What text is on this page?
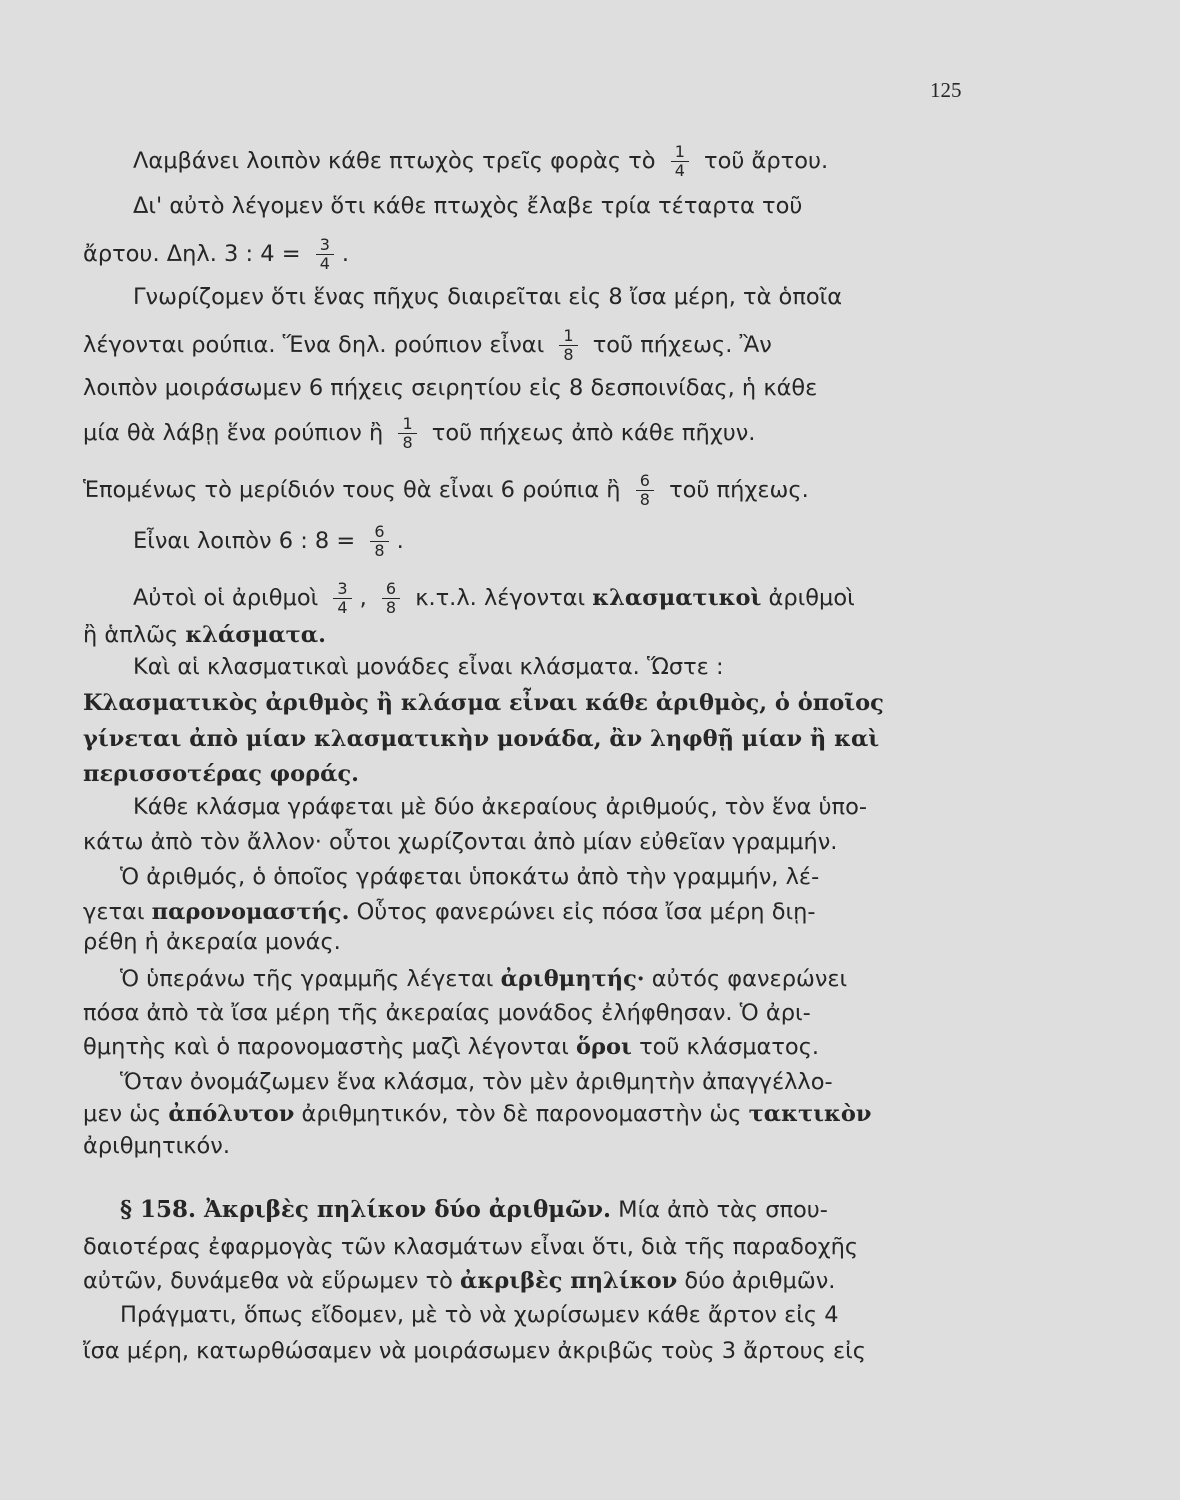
125
Λαμβάνει λοιπὸν κάθε πτωχὸς τρεῖς φορὰς τὸ $\frac{1}{4}$ τοῦ ἄρτου.
Δι' αὐτὸ λέγομεν ὅτι κάθε πτωχὸς ἔλαβε τρία τέταρτα τοῦ
ἄρτου. Δηλ. 3 : $4 = \frac{3}{4}$ .
Γνωρίζομεν ὅτι ἕνας πῆχυς διαιρεῖται εἰς 8 ἴσα μέρη, τὰ ὁποῖα
λέγονται ρούπια. Ἕνα δηλ. ρούπιον εἶναι $\frac{1}{8}$ τοῦ πήχεως. Ἂν
λοιπὸν μοιράσωμεν 6 πήχεις σειρητίου εἰς 8 δεσποινίδας, ἡ κάθε
μία θὰ λάβῃ ἕνα ρούπιον ἢ $\frac{1}{8}$ τοῦ πήχεως ἀπὸ κάθε πῆχυν.
Ἑπομένως τὸ μερίδιόν τους θὰ εἶναι 6 ρούπια ἢ $\frac{6}{8}$ τοῦ πήχεως.
Εἶναι λοιπὸν 6 : $8 = \frac{6}{8}$ .
Αὐτοὶ οἱ ἀριθμοὶ $\frac{3}{4}$ , $\frac{6}{8} \kappa.\tau.\lambda$. λέγονται κλασματικοὶ ἀριθμοὶ
ἢ ἁπλῶς κλάσματα.
Καὶ αἱ κλασματικαὶ μονάδες εἶναι κλάσματα. Ὥστε :
Κλασματικὸς ἀριθμὸς ἢ κλάσμα εἶναι κάθε ἀριθμὸς, ὁ ὁποῖος
γίνεται ἀπὸ μίαν κλασματικὴν μονάδα, ἂν ληφθῇ μίαν ἢ καὶ
περισσοτέρας φοράς.
Κάθε κλάσμα γράφεται μὲ δύο ἀκεραίους ἀριθμούς, τὸν ἕνα ὑπο-
κάτω ἀπὸ τὸν ἄλλον· οὗτοι χωρίζονται ἀπὸ μίαν εὐθεῖαν γραμμήν.
Ὁ ἀριθμός, ὁ ὁποῖος γράφεται ὑποκάτω ἀπὸ τὴν γραμμήν, λέ-
γεται παρονομαστής. Οὗτος φανερώνει εἰς πόσα ἴσα μέρη διῃ-
ρέθη ἡ ἀκεραία μονάς.
Ὁ ὑπεράνω τῆς γραμμῆς λέγεται ἀριθμητής· αὐτός φανερώνει
πόσα ἀπὸ τὰ ἴσα μέρη τῆς ἀκεραίας μονάδος ἐλήφθησαν. Ὁ ἀρι-
θμητὴς καὶ ὁ παρονομαστὴς μαζὶ λέγονται ὅροι τοῦ κλάσματος.
Ὅταν ὀνομάζωμεν ἕνα κλάσμα, τὸν μὲν ἀριθμητὴν ἀπαγγέλλο-
μεν ὡς ἀπόλυτον ἀριθμητικόν, τὸν δὲ παρονομαστὴν ὡς τακτικὸν
ἀριθμητικόν.
§ 158. Ἀκριβὲς πηλίκον δύο ἀριθμῶν. Μία ἀπὸ τὰς σπου-
δαιοτέρας ἐφαρμογὰς τῶν κλασμάτων εἶναι ὅτι, διὰ τῆς παραδοχῆς
αὐτῶν, δυνάμεθα νὰ εὕρωμεν τὸ ἀκριβὲς πηλίκον δύο ἀριθμῶν.
Πράγματι, ὅπως εἴδομεν, μὲ τὸ νὰ χωρίσωμεν κάθε ἄρτον εἰς 4
ἴσα μέρη, κατωρθώσαμεν νὰ μοιράσωμεν ἀκριβῶς τοὺς 3 ἄρτους εἰς
